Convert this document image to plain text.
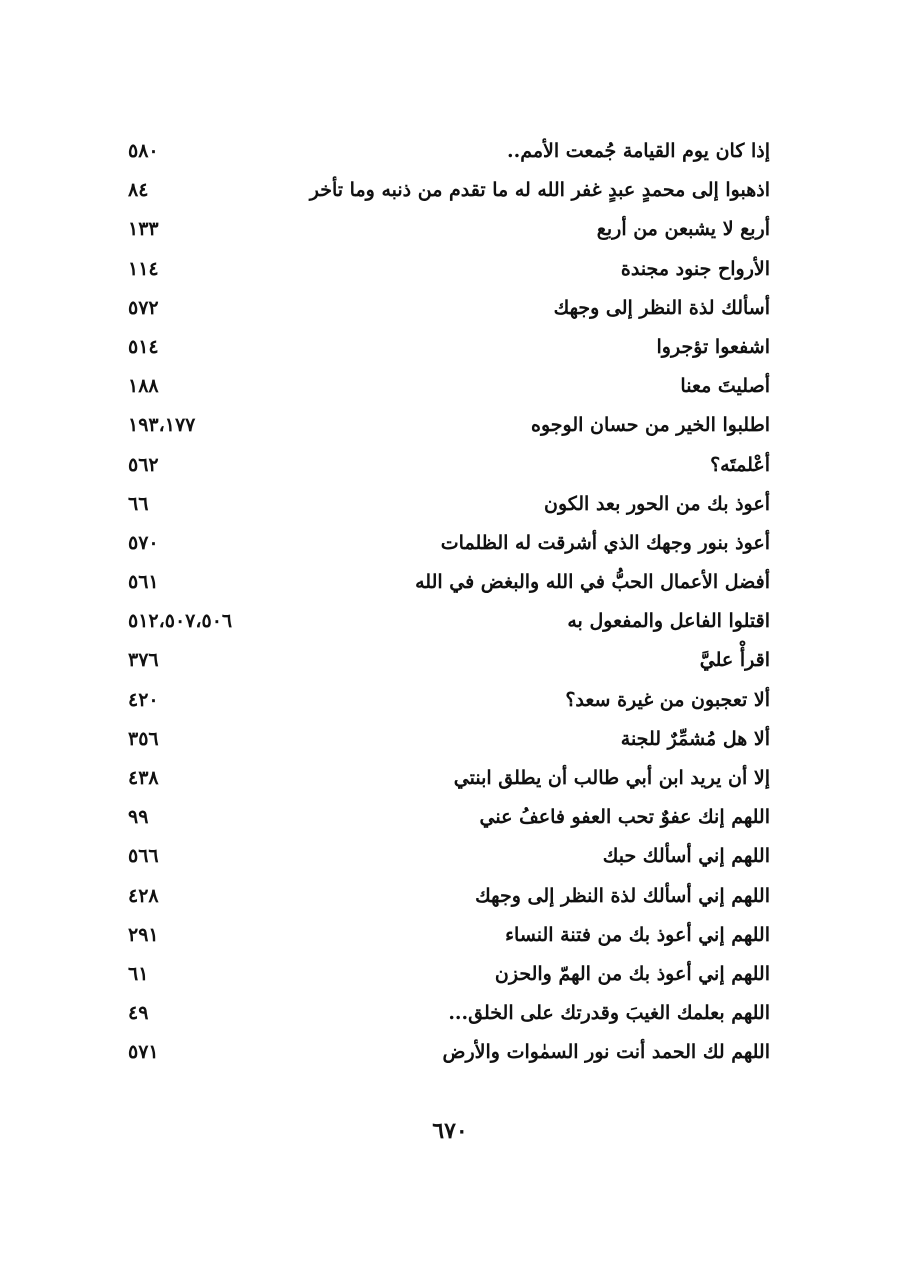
إذا كان يوم القيامة جُمعت الأمم..
٥٨٠
اذهبوا إلى محمدٍ عبدٍ غفر الله له ما تقدم من ذنبه وما تأخر
٨٤
أربع لا يشبعن من أربع
١٣٣
الأرواح جنود مجندة
١١٤
أسألك لذة النظر إلى وجهك
٥٧٢
اشفعوا تؤجروا
٥١٤
أصليتَ معنا
١٨٨
اطلبوا الخير من حسان الوجوه
١٩٣،١٧٧
أعْلمتَه؟
٥٦٢
أعوذ بك من الحور بعد الكون
٦٦
أعوذ بنور وجهك الذي أشرقت له الظلمات
٥٧٠
أفضل الأعمال الحبُّ في الله والبغض في الله
٥٦١
اقتلوا الفاعل والمفعول به
٥١٢،٥٠٧،٥٠٦
اقرأْ عليَّ
٣٧٦
ألا تعجبون من غيرة سعد؟
٤٢٠
ألا هل مُشمِّرٌ للجنة
٣٥٦
إلا أن يريد ابن أبي طالب أن يطلق ابنتي
٤٣٨
اللهم إنك عفوٌ تحب العفو فاعفُ عني
٩٩
اللهم إني أسألك حبك
٥٦٦
اللهم إني أسألك لذة النظر إلى وجهك
٤٢٨
اللهم إني أعوذ بك من فتنة النساء
٢٩١
اللهم إني أعوذ بك من الهمّ والحزن
٦١
اللهم بعلمك الغيبَ وقدرتك على الخلق...
٤٩
اللهم لك الحمد أنت نور السمٰوات والأرض
٥٧١
٦٧٠
